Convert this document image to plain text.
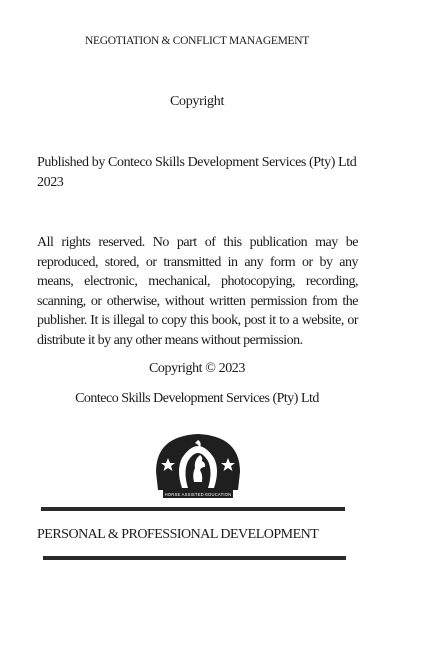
NEGOTIATION & CONFLICT MANAGEMENT
Copyright
Published by Conteco Skills Development Services (Pty) Ltd
2023
All rights reserved. No part of this publication may be reproduced, stored, or transmitted in any form or by any means, electronic, mechanical, photocopying, recording, scanning, or otherwise, without written permission from the publisher. It is illegal to copy this book, post it to a website, or distribute it by any other means without permission.
Copyright © 2023
Conteco Skills Development Services (Pty) Ltd
HORSE ASSISTED EDUCATION
PERSONAL & PROFESSIONAL DEVELOPMENT
